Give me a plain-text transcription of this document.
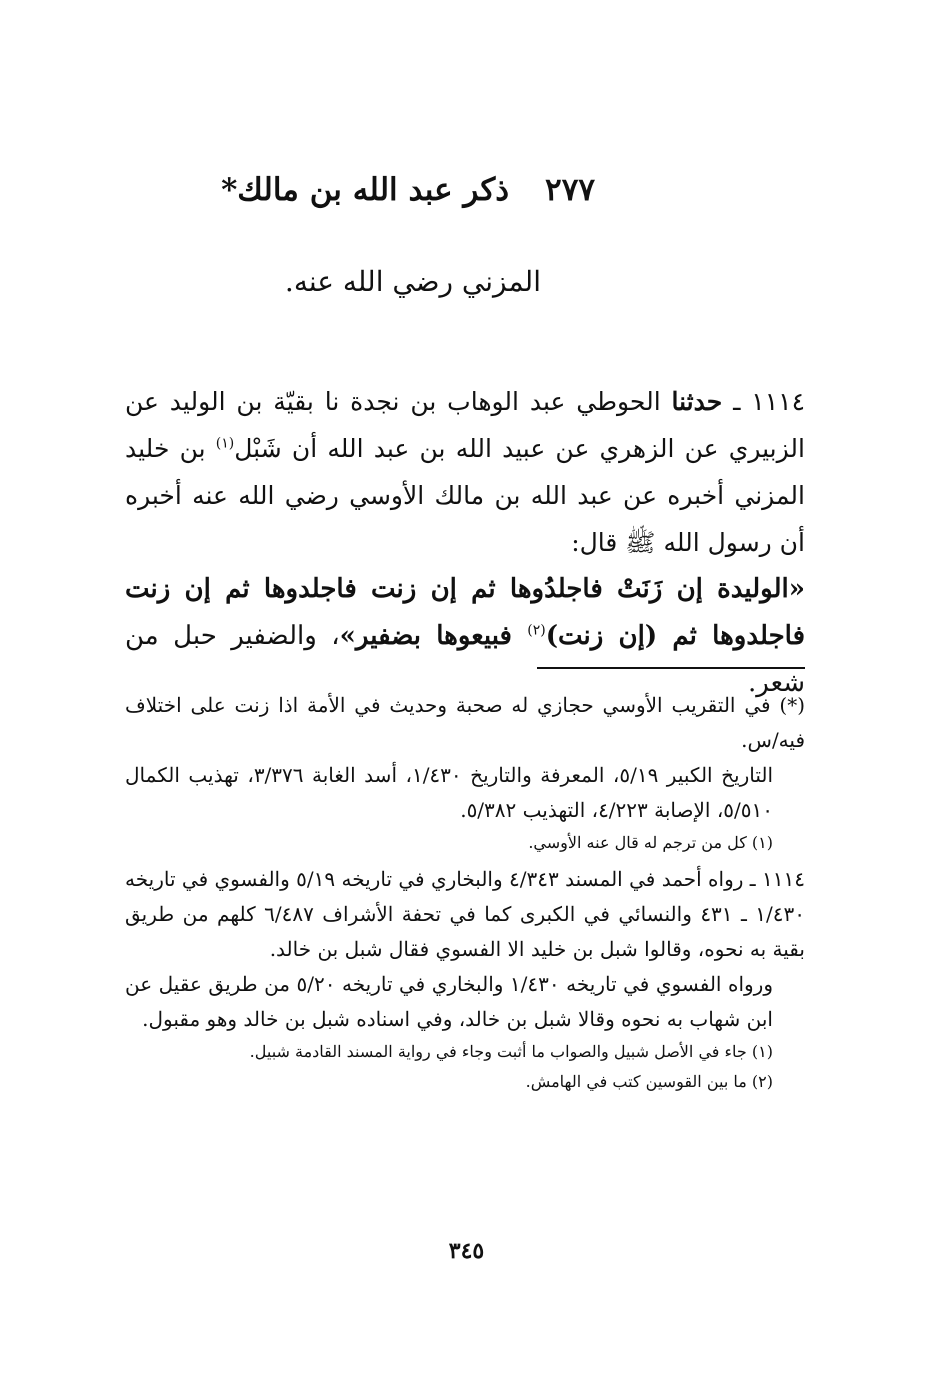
٢٧٧ذكر عبد الله بن مالك*
المزني رضي الله عنه.

١١١٤ ـ حدثنا الحوطي عبد الوهاب بن نجدة نا بقيّة بن الوليد عن الزبيري عن الزهري عن عبيد الله بن عبد الله أن شَبْل$^{(١)}$ بن خليد المزني أخبره عن عبد الله بن مالك الأوسي رضي الله عنه أخبره أن رسول الله ﷺ قال:

«الوليدة إن زَنَتْ فاجلدُوها ثم إن زنت فاجلدوها ثم إن زنت فاجلدوها ثم (إن زنت)$^{(٢)}$ فبيعوها بضفير»، والضفير حبل من شعر.

(*) في التقريب الأوسي حجازي له صحبة وحديث في الأمة اذا زنت على اختلاف فيه/س.

التاريخ الكبير ٥/١٩، المعرفة والتاريخ ١/٤٣٠، أسد الغابة ٣/٣٧٦، تهذيب الكمال ٥/٥١٠، الإصابة ٤/٢٢٣، التهذيب ٥/٣٨٢.

(١) كل من ترجم له قال عنه الأوسي.

١١١٤ ـ رواه أحمد في المسند ٤/٣٤٣ والبخاري في تاريخه ٥/١٩ والفسوي في تاريخه ١/٤٣٠ ـ ٤٣١ والنسائي في الكبرى كما في تحفة الأشراف ٦/٤٨٧ كلهم من طريق بقية به نحوه، وقالوا شبل بن خليد الا الفسوي فقال شبل بن خالد.

ورواه الفسوي في تاريخه ١/٤٣٠ والبخاري في تاريخه ٥/٢٠ من طريق عقيل عن ابن شهاب به نحوه وقالا شبل بن خالد، وفي اسناده شبل بن خالد وهو مقبول.

(١) جاء في الأصل شبيل والصواب ما أثبت وجاء في رواية المسند القادمة شبيل.

(٢) ما بين القوسين كتب في الهامش.

٣٤٥
